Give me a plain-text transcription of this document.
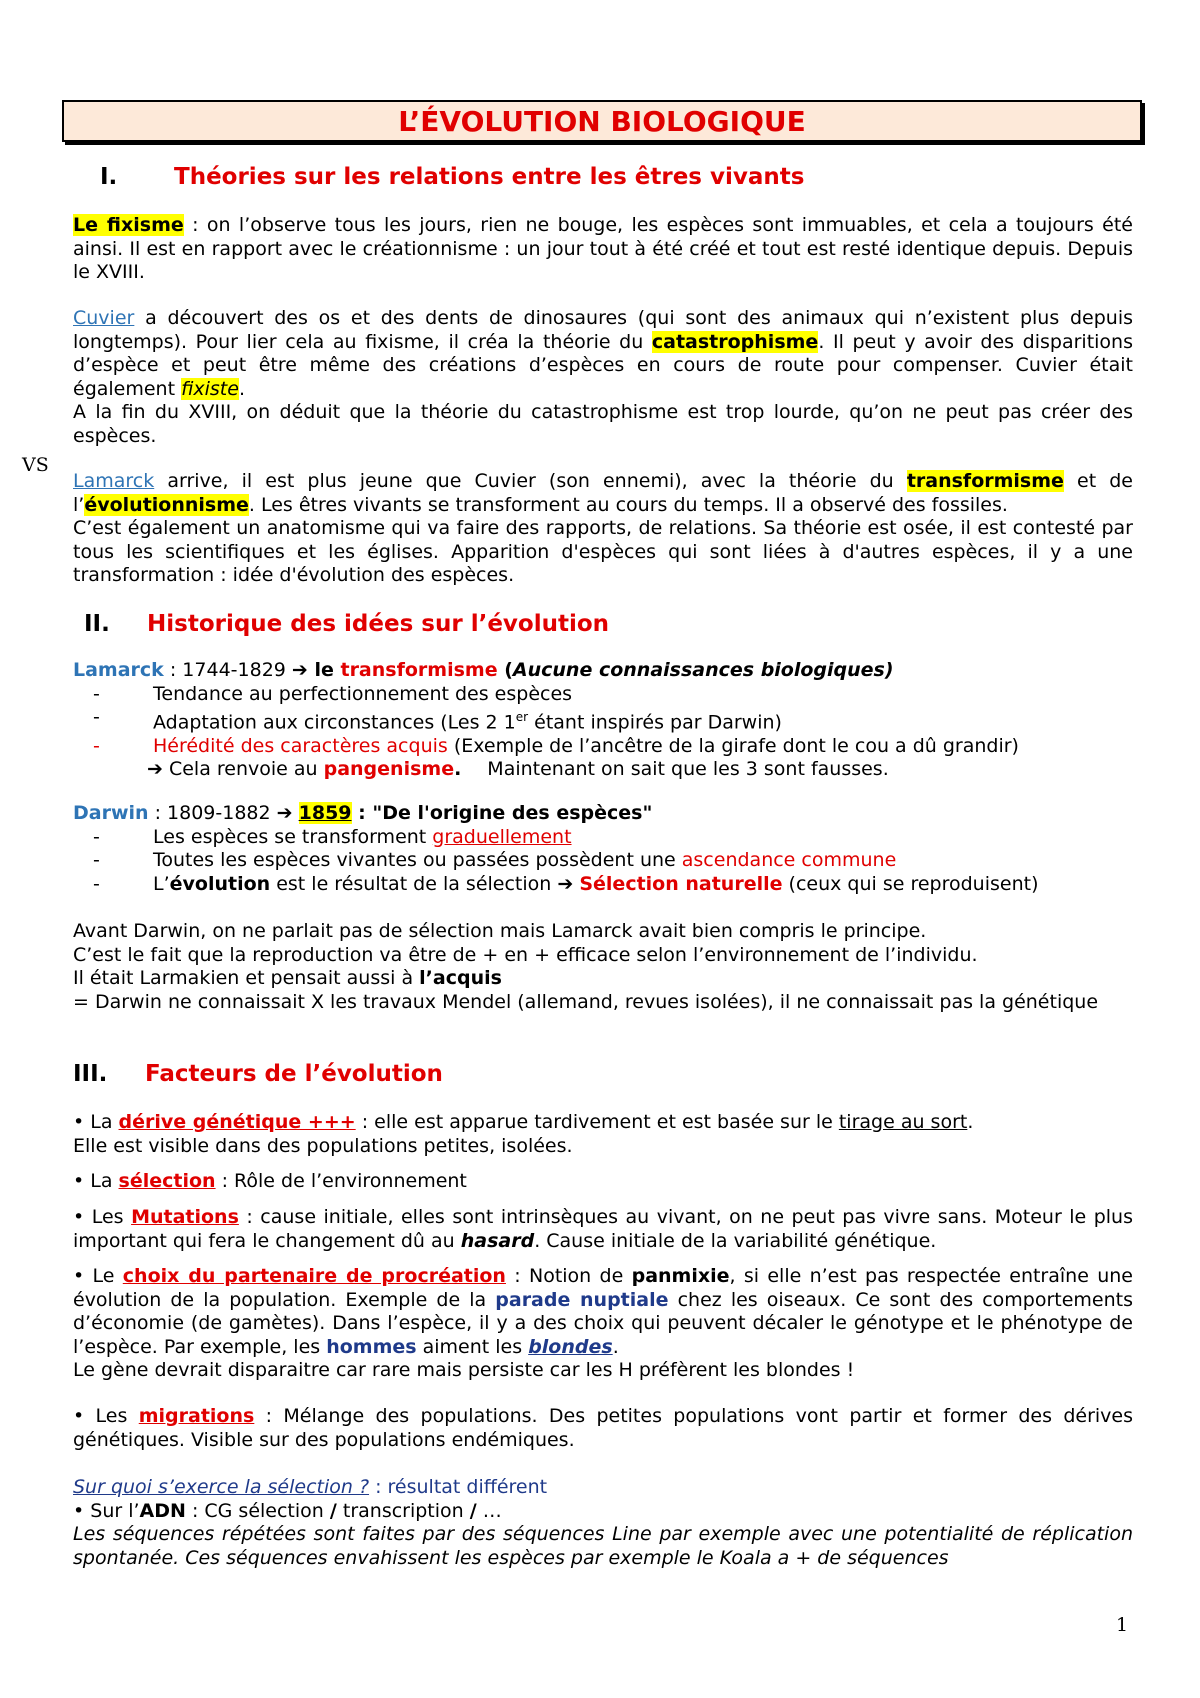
L’ÉVOLUTION BIOLOGIQUE
I. Théories sur les relations entre les êtres vivants
Le fixisme : on l’observe tous les jours, rien ne bouge, les espèces sont immuables, et cela a toujours été ainsi. Il est en rapport avec le créationnisme : un jour tout à été créé et tout est resté identique depuis. Depuis le XVIII.
Cuvier a découvert des os et des dents de dinosaures (qui sont des animaux qui n’existent plus depuis longtemps). Pour lier cela au fixisme, il créa la théorie du catastrophisme. Il peut y avoir des disparitions d’espèce et peut être même des créations d’espèces en cours de route pour compenser. Cuvier était également fixiste.

A la fin du XVIII, on déduit que la théorie du catastrophisme est trop lourde, qu’on ne peut pas créer des espèces.

VS
Lamarck arrive, il est plus jeune que Cuvier (son ennemi), avec la théorie du transformisme et de l’évolutionnisme. Les êtres vivants se transforment au cours du temps. Il a observé des fossiles.

C’est également un anatomisme qui va faire des rapports, de relations. Sa théorie est osée, il est contesté par tous les scientifiques et les églises. Apparition d'espèces qui sont liées à d'autres espèces, il y a une transformation : idée d'évolution des espèces.

II. Historique des idées sur l’évolution

Lamarck : 1744-1829 ➔ le transformisme (Aucune connaissances biologiques)

-	Tendance au perfectionnement des espèces

-	Adaptation aux circonstances (Les 2 1er étant inspirés par Darwin)

-	Hérédité des caractères acquis (Exemple de l’ancêtre de la girafe dont le cou a dû grandir)

➔ Cela renvoie au pangenisme. Maintenant on sait que les 3 sont fausses.

Darwin : 1809-1882 ➔ 1859 : "De l'origine des espèces"

-	Les espèces se transforment graduellement

-	Toutes les espèces vivantes ou passées possèdent une ascendance commune

-	L’évolution est le résultat de la sélection ➔ Sélection naturelle (ceux qui se reproduisent)

Avant Darwin, on ne parlait pas de sélection mais Lamarck avait bien compris le principe.

C’est le fait que la reproduction va être de + en + efficace selon l’environnement de l’individu.

Il était Larmakien et pensait aussi à l’acquis

= Darwin ne connaissait X les travaux Mendel (allemand, revues isolées), il ne connaissait pas la génétique

III. Facteurs de l’évolution
• La dérive génétique +++ : elle est apparue tardivement et est basée sur le tirage au sort.

Elle est visible dans des populations petites, isolées.

• La sélection : Rôle de l’environnement
• Les Mutations : cause initiale, elles sont intrinsèques au vivant, on ne peut pas vivre sans. Moteur le plus important qui fera le changement dû au hasard. Cause initiale de la variabilité génétique.
• Le choix du partenaire de procréation : Notion de panmixie, si elle n’est pas respectée entraîne une évolution de la population. Exemple de la parade nuptiale chez les oiseaux. Ce sont des comportements d’économie (de gamètes). Dans l’espèce, il y a des choix qui peuvent décaler le génotype et le phénotype de l’espèce. Par exemple, les hommes aiment les blondes.

Le gène devrait disparaitre car rare mais persiste car les H préfèrent les blondes !

• Les migrations : Mélange des populations. Des petites populations vont partir et former des dérives génétiques. Visible sur des populations endémiques.

Sur quoi s’exerce la sélection ? : résultat différent

• Sur l’ADN : CG sélection / transcription / …

Les séquences répétées sont faites par des séquences Line par exemple avec une potentialité de réplication spontanée. Ces séquences envahissent les espèces par exemple le Koala a + de séquences

1
